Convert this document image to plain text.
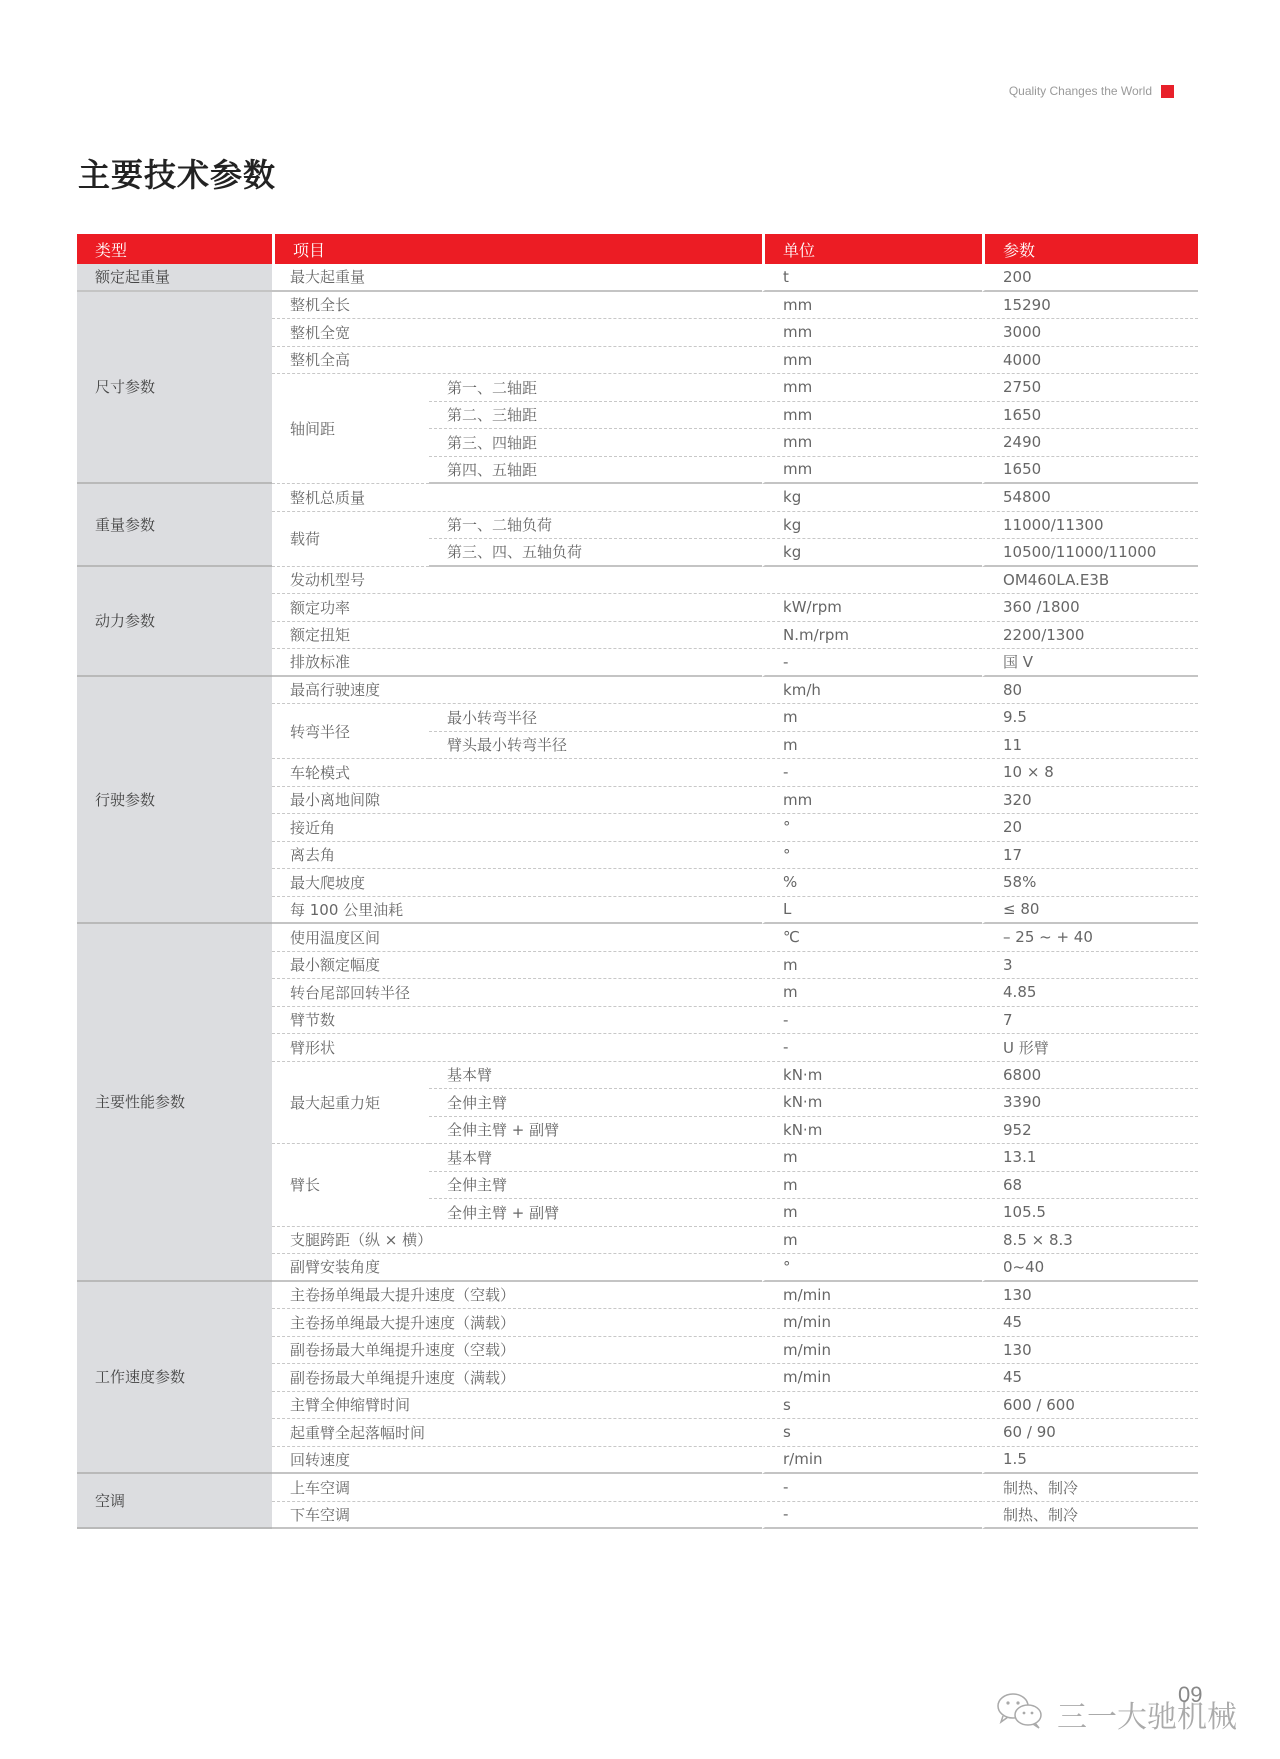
Quality Changes the World
主要技术参数
类型	项目		单位	参数
额定起重量	最大起重量		t	200
尺寸参数	整机全长		mm	15290
	整机全宽		mm	3000
	整机全高		mm	4000
	轴间距	第一、二轴距	mm	2750
		第二、三轴距	mm	1650
		第三、四轴距	mm	2490
		第四、五轴距	mm	1650
重量参数	整机总质量		kg	54800
	载荷	第一、二轴负荷	kg	11000/11300
		第三、四、五轴负荷	kg	10500/11000/11000
动力参数	发动机型号			OM460LA.E3B
	额定功率		kW/rpm	360 /1800
	额定扭矩		N.m/rpm	2200/1300
	排放标准		-	国 V
行驶参数	最高行驶速度		km/h	80
	转弯半径	最小转弯半径	m	9.5
		臂头最小转弯半径	m	11
	车轮模式		-	10 × 8
	最小离地间隙		mm	320
	接近角		°	20
	离去角		°	17
	最大爬坡度		%	58%
	每 100 公里油耗		L	≤ 80
主要性能参数	使用温度区间		℃	– 25 ~ + 40
	最小额定幅度		m	3
	转台尾部回转半径		m	4.85
	臂节数		-	7
	臂形状		-	U 形臂
	最大起重力矩	基本臂	kN·m	6800
		全伸主臂	kN·m	3390
		全伸主臂 + 副臂	kN·m	952
	臂长	基本臂	m	13.1
		全伸主臂	m	68
		全伸主臂 + 副臂	m	105.5
	支腿跨距（纵 × 横）		m	8.5 × 8.3
	副臂安装角度		°	0~40
工作速度参数	主卷扬单绳最大提升速度（空载）		m/min	130
	主卷扬单绳最大提升速度（满载）		m/min	45
	副卷扬最大单绳提升速度（空载）		m/min	130
	副卷扬最大单绳提升速度（满载）		m/min	45
	主臂全伸缩臂时间		s	600 / 600
	起重臂全起落幅时间		s	60 / 90
	回转速度		r/min	1.5
空调	上车空调		-	制热、制冷
	下车空调		-	制热、制冷
三一大驰机械
09
